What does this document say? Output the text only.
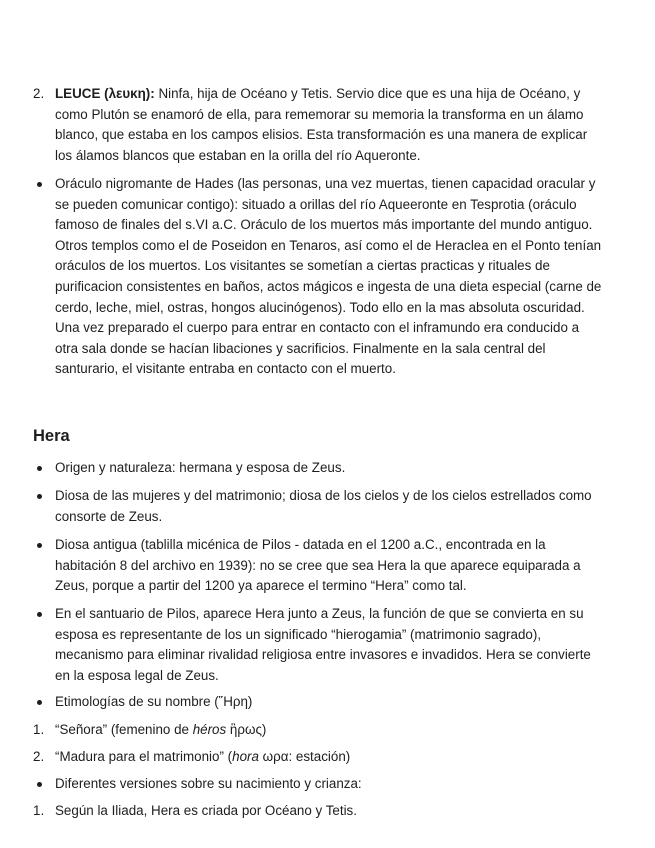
2. LEUCE (λευκη): Ninfa, hija de Océano y Tetis. Servio dice que es una hija de Océano, y como Plutón se enamoró de ella, para rememorar su memoria la transforma en un álamo blanco, que estaba en los campos elisios. Esta transformación es una manera de explicar los álamos blancos que estaban en la orilla del río Aqueronte.
Oráculo nigromante de Hades (las personas, una vez muertas, tienen capacidad oracular y se pueden comunicar contigo): situado a orillas del río Aqueeronte en Tesprotia (oráculo famoso de finales del s.VI a.C. Oráculo de los muertos más importante del mundo antiguo. Otros templos como el de Poseidon en Tenaros, así como el de Heraclea en el Ponto tenían oráculos de los muertos. Los visitantes se sometían a ciertas practicas y rituales de purificacion consistentes en baños, actos mágicos e ingesta de una dieta especial (carne de cerdo, leche, miel, ostras, hongos alucinógenos). Todo ello en la mas absoluta oscuridad. Una vez preparado el cuerpo para entrar en contacto con el inframundo era conducido a otra sala donde se hacían libaciones y sacrificios. Finalmente en la sala central del santurario, el visitante entraba en contacto con el muerto.
Hera
Origen y naturaleza: hermana y esposa de Zeus.
Diosa de las mujeres y del matrimonio; diosa de los cielos y de los cielos estrellados como consorte de Zeus.
Diosa antigua (tablilla micénica de Pilos - datada en el 1200 a.C., encontrada en la habitación 8 del archivo en 1939): no se cree que sea Hera la que aparece equiparada a Zeus, porque a partir del 1200 ya aparece el termino “Hera” como tal.
En el santuario de Pilos, aparece Hera junto a Zeus, la función de que se convierta en su esposa es representante de los un significado “hierogamia” (matrimonio sagrado), mecanismo para eliminar rivalidad religiosa entre invasores e invadidos. Hera se convierte en la esposa legal de Zeus.
Etimologías de su nombre (῞Ηρη)
1. “Señora” (femenino de héros ἣρως)
2. “Madura para el matrimonio” (hora ωρα: estación)
Diferentes versiones sobre su nacimiento y crianza:
1. Según la Iliada, Hera es criada por Océano y Tetis.
